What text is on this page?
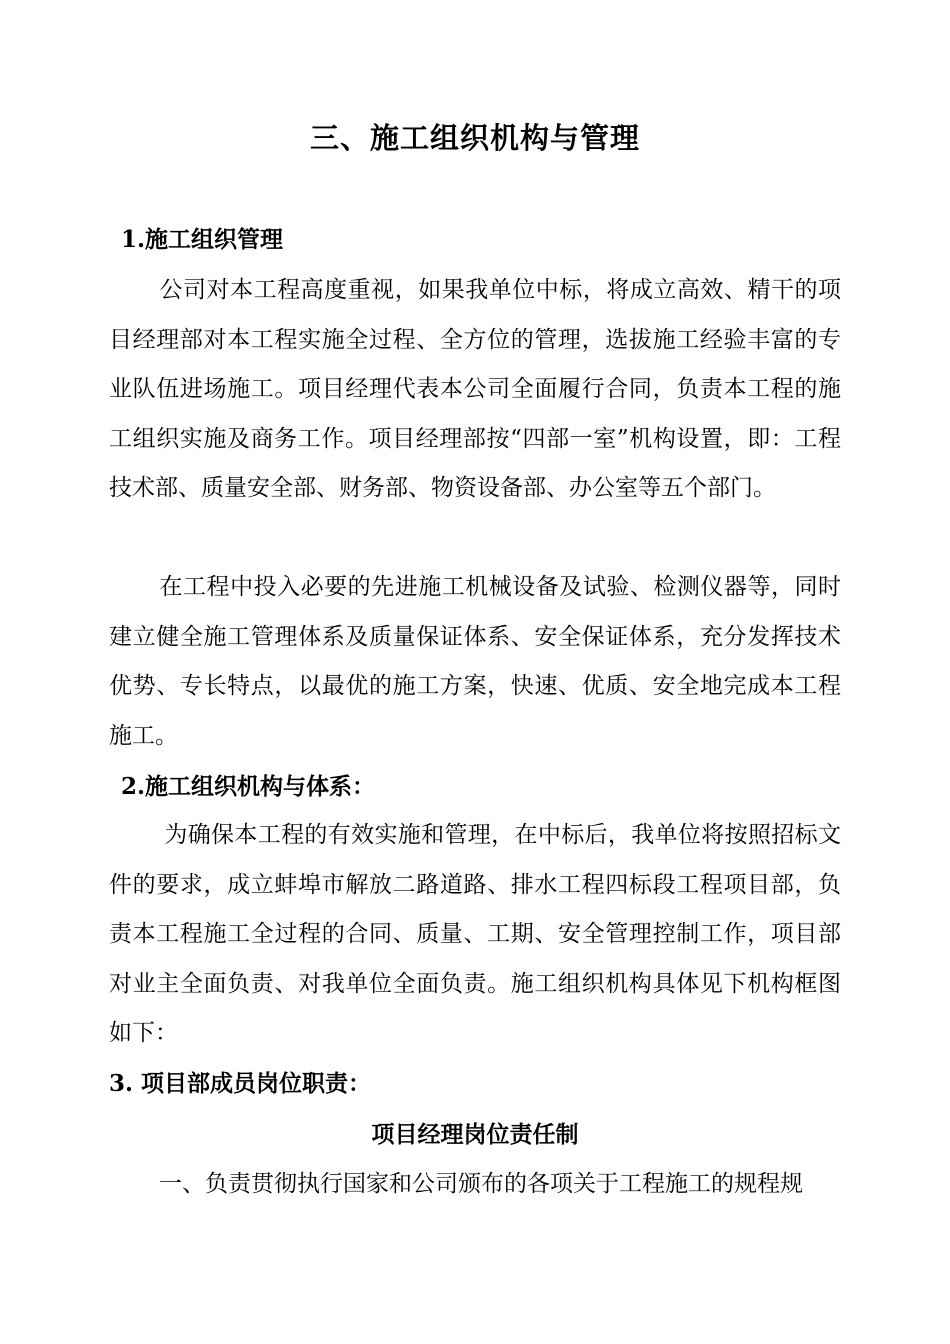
三、施工组织机构与管理
1.施工组织管理

公司对本工程高度重视，如果我单位中标，将成立高效、精干的项目经理部对本工程实施全过程、全方位的管理，选拔施工经验丰富的专业队伍进场施工。项目经理代表本公司全面履行合同，负责本工程的施工组织实施及商务工作。项目经理部按“四部一室”机构设置，即：工程技术部、质量安全部、财务部、物资设备部、办公室等五个部门。

在工程中投入必要的先进施工机械设备及试验、检测仪器等，同时建立健全施工管理体系及质量保证体系、安全保证体系，充分发挥技术优势、专长特点，以最优的施工方案，快速、优质、安全地完成本工程施工。

2.施工组织机构与体系：

为确保本工程的有效实施和管理，在中标后，我单位将按照招标文件的要求，成立蚌埠市解放二路道路、排水工程四标段工程项目部，负责本工程施工全过程的合同、质量、工期、安全管理控制工作，项目部对业主全面负责、对我单位全面负责。施工组织机构具体见下机构框图如下：

3. 项目部成员岗位职责：
项目经理岗位责任制

一、负责贯彻执行国家和公司颁布的各项关于工程施工的规程规
